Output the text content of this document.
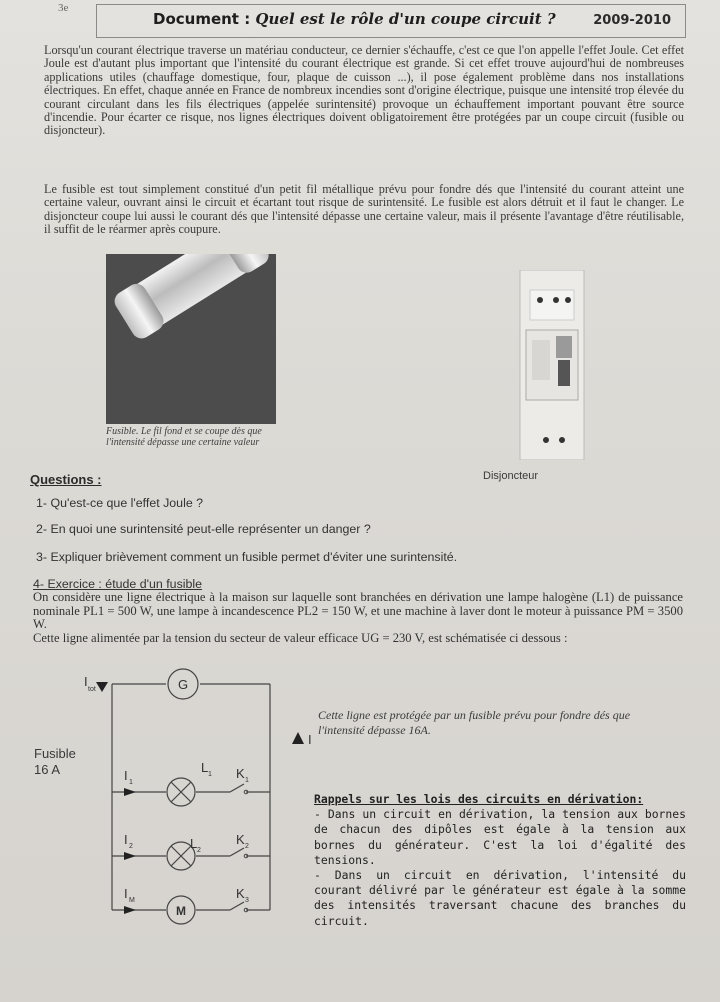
3e
Document : Quel est le rôle d'un coupe circuit ?	2009-2010
Lorsqu'un courant électrique traverse un matériau conducteur, ce dernier s'échauffe, c'est ce que l'on appelle l'effet Joule. Cet effet Joule est d'autant plus important que l'intensité du courant électrique est grande. Si cet effet trouve aujourd'hui de nombreuses applications utiles (chauffage domestique, four, plaque de cuisson ...), il pose également problème dans nos installations électriques. En effet, chaque année en France de nombreux incendies sont d'origine électrique, puisque une intensité trop élevée du courant circulant dans les fils électriques (appelée surintensité) provoque un échauffement important pouvant être source d'incendie. Pour écarter ce risque, nos lignes électriques doivent obligatoirement être protégées par un coupe circuit (fusible ou disjoncteur).
Le fusible est tout simplement constitué d'un petit fil métallique prévu pour fondre dés que l'intensité du courant atteint une certaine valeur, ouvrant ainsi le circuit et écartant tout risque de surintensité. Le fusible est alors détruit et il faut le changer. Le disjoncteur coupe lui aussi le courant dés que l'intensité dépasse une certaine valeur, mais il présente l'avantage d'être réutilisable, il suffit de le réarmer après coupure.
Fusible. Le fil fond et se coupe dès que l'intensité dépasse une certaine valeur
Disjoncteur
Questions :
1- Qu'est-ce que l'effet Joule ?
2- En quoi une surintensité peut-elle représenter un danger ?
3- Expliquer brièvement comment un fusible permet d'éviter une surintensité.
4- Exercice : étude d'un fusible
On considère une ligne électrique à la maison sur laquelle sont branchées en dérivation une lampe halogène (L1) de puissance nominale PL1 = 500 W, une lampe à incandescence PL2 = 150 W, et une machine à laver dont le moteur à puissance PM = 3500 W.
Cette ligne alimentée par la tension du secteur de valeur efficace UG = 230 V, est schématisée ci dessous :
Fusible
16 A
G
I
tot
I
I 1
L 1 K 1
I 2	L 2
K 2
M
I M	K 3
Cette ligne est protégée par un fusible prévu pour fondre dés que l'intensité dépasse 16A.
Rappels sur les lois des circuits en dérivation:
- Dans un circuit en dérivation, la tension aux bornes de chacun des dipôles est égale à la tension aux bornes du générateur. C'est la loi d'égalité des tensions.
- Dans un circuit en dérivation, l'intensité du courant délivré par le générateur est égale à la somme des intensités traversant chacune des branches du circuit.
